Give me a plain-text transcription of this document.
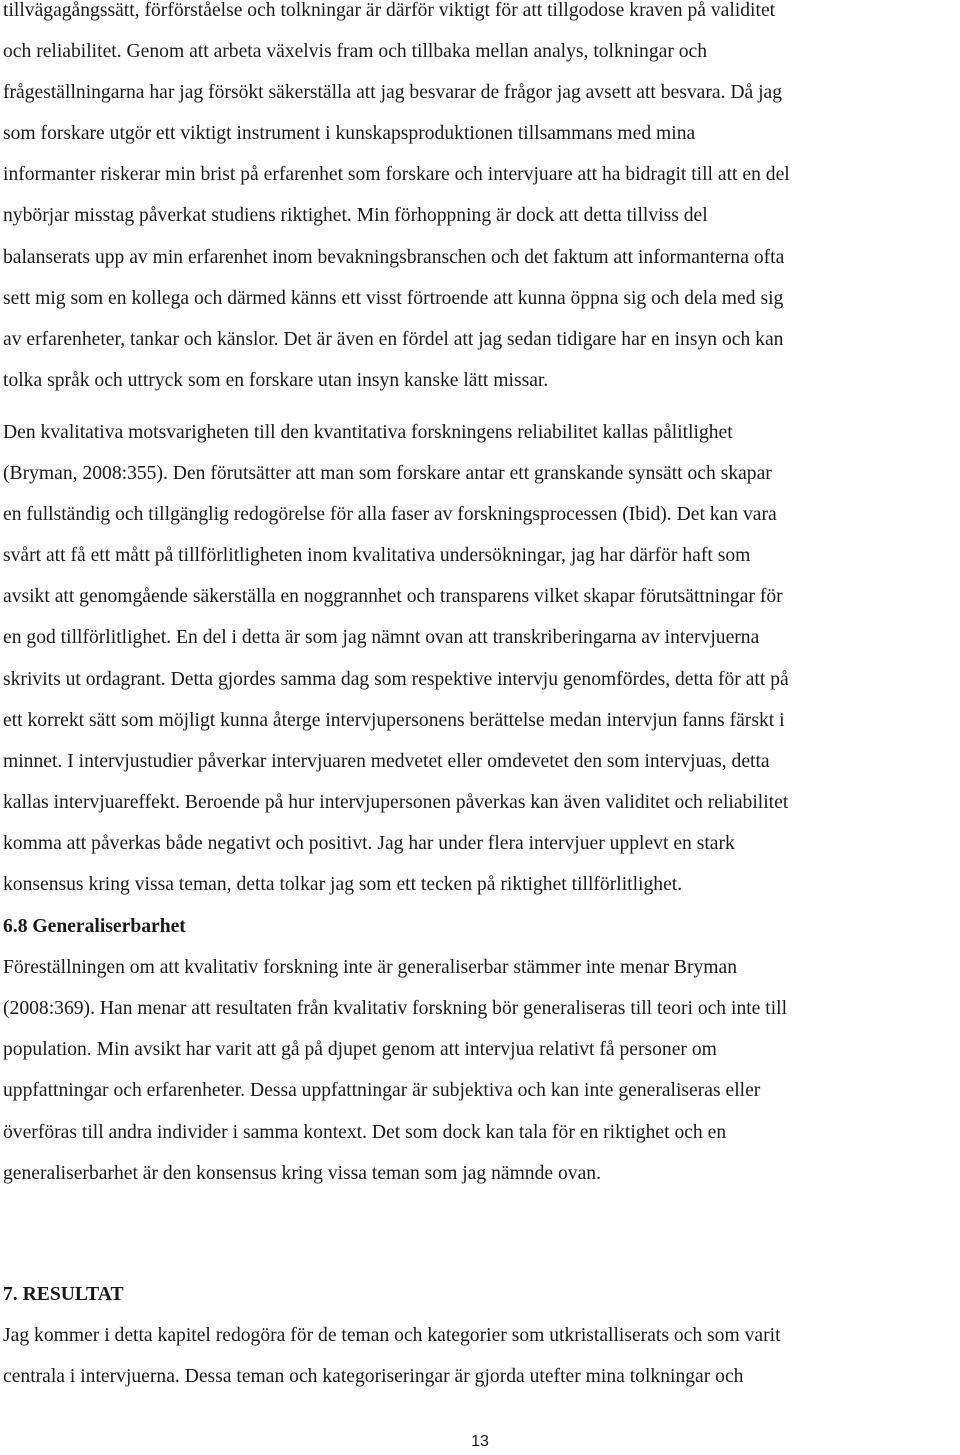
tillvägagångssätt, förförståelse och tolkningar är därför viktigt för att tillgodose kraven på validitet
och reliabilitet. Genom att arbeta växelvis fram och tillbaka mellan analys, tolkningar och
frågeställningarna har jag försökt säkerställa att jag besvarar de frågor jag avsett att besvara. Då jag
som forskare utgör ett viktigt instrument i kunskapsproduktionen tillsammans med mina
informanter riskerar min brist på erfarenhet som forskare och intervjuare att ha bidragit till att en del
nybörjar misstag påverkat studiens riktighet. Min förhoppning är dock att detta tillviss del
balanserats upp av min erfarenhet inom bevakningsbranschen och det faktum att informanterna ofta
sett mig som en kollega och därmed känns ett visst förtroende att kunna öppna sig och dela med sig
av erfarenheter, tankar och känslor. Det är även en fördel att jag sedan tidigare har en insyn och kan
tolka språk och uttryck som en forskare utan insyn kanske lätt missar.

Den kvalitativa motsvarigheten till den kvantitativa forskningens reliabilitet kallas pålitlighet
(Bryman, 2008:355). Den förutsätter att man som forskare antar ett granskande synsätt och skapar
en fullständig och tillgänglig redogörelse för alla faser av forskningsprocessen (Ibid). Det kan vara
svårt att få ett mått på tillförlitligheten inom kvalitativa undersökningar, jag har därför haft som
avsikt att genomgående säkerställa en noggrannhet och transparens vilket skapar förutsättningar för
en god tillförlitlighet. En del i detta är som jag nämnt ovan att transkriberingarna av intervjuerna
skrivits ut ordagrant. Detta gjordes samma dag som respektive intervju genomfördes, detta för att på
ett korrekt sätt som möjligt kunna återge intervjupersonens berättelse medan intervjun fanns färskt i
minnet. I intervjustudier påverkar intervjuaren medvetet eller omdevetet den som intervjuas, detta
kallas intervjuareffekt. Beroende på hur intervjupersonen påverkas kan även validitet och reliabilitet
komma att påverkas både negativt och positivt. Jag har under flera intervjuer upplevt en stark
konsensus kring vissa teman, detta tolkar jag som ett tecken på riktighet tillförlitlighet.

6.8 Generaliserbarhet

Föreställningen om att kvalitativ forskning inte är generaliserbar stämmer inte menar Bryman
(2008:369). Han menar att resultaten från kvalitativ forskning bör generaliseras till teori och inte till
population. Min avsikt har varit att gå på djupet genom att intervjua relativt få personer om
uppfattningar och erfarenheter. Dessa uppfattningar är subjektiva och kan inte generaliseras eller
överföras till andra individer i samma kontext. Det som dock kan tala för en riktighet och en
generaliserbarhet är den konsensus kring vissa teman som jag nämnde ovan.

7. RESULTAT

Jag kommer i detta kapitel redogöra för de teman och kategorier som utkristalliserats och som varit
centrala i intervjuerna. Dessa teman och kategoriseringar är gjorda utefter mina tolkningar och

13
